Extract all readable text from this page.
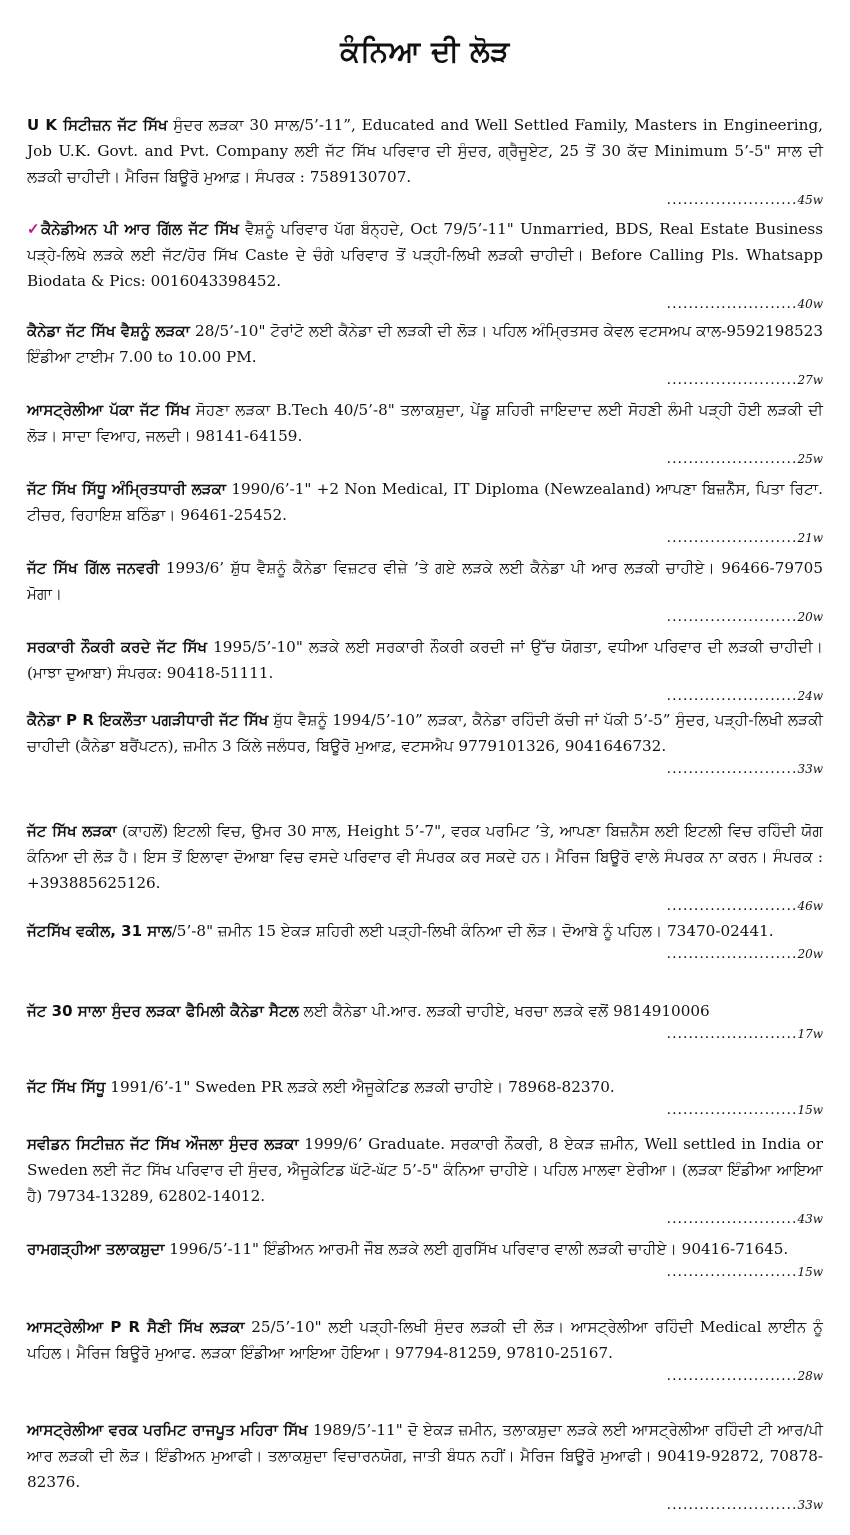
ਕੰਨਿਆ ਦੀ ਲੋੜ
U K ਸਿਟੀਜ਼ਨ ਜੱਟ ਸਿੱਖ ਸੁੰਦਰ ਲੜਕਾ 30 ਸਾਲ/5’-11”, Educated and Well Settled Family, Masters in Engineering, Job U.K. Govt. and Pvt. Company ਲਈ ਜੱਟ ਸਿੱਖ ਪਰਿਵਾਰ ਦੀ ਸੁੰਦਰ, ਗ੍ਰੈਜੂਏਟ, 25 ਤੋਂ 30 ਕੱਦ Minimum 5’-5" ਸਾਲ ਦੀ ਲੜਕੀ ਚਾਹੀਦੀ। ਮੈਰਿਜ ਬਿਊਰੋ ਮੁਆਫ਼। ਸੰਪਰਕ : 7589130707.
........................45w
✓ਕੈਨੇਡੀਅਨ ਪੀ ਆਰ ਗਿੱਲ ਜੱਟ ਸਿੱਖ ਵੈਸ਼ਨੂੰ ਪਰਿਵਾਰ ਪੱਗ ਬੰਨ੍ਹਦੇ, Oct 79/5’-11" Unmarried, BDS, Real Estate Business ਪੜ੍ਹੇ-ਲਿਖੇ ਲੜਕੇ ਲਈ ਜੱਟ/ਹੋਰ ਸਿੱਖ Caste ਦੇ ਚੰਗੇ ਪਰਿਵਾਰ ਤੋਂ ਪੜ੍ਹੀ-ਲਿਖੀ ਲੜਕੀ ਚਾਹੀਦੀ। Before Calling Pls. Whatsapp Biodata & Pics: 0016043398452.
........................40w
ਕੈਨੇਡਾ ਜੱਟ ਸਿੱਖ ਵੈਸ਼ਨੂੰ ਲੜਕਾ 28/5’-10" ਟੋਰਾਂਟੋ ਲਈ ਕੈਨੇਡਾ ਦੀ ਲੜਕੀ ਦੀ ਲੋੜ। ਪਹਿਲ ਅੰਮ੍ਰਿਤਸਰ ਕੇਵਲ ਵਟਸਅਪ ਕਾਲ-9592198523 ਇੰਡੀਆ ਟਾਈਮ 7.00 to 10.00 PM.
........................27w
ਆਸਟ੍ਰੇਲੀਆ ਪੱਕਾ ਜੱਟ ਸਿੱਖ ਸੋਹਣਾ ਲੜਕਾ B.Tech 40/5’-8" ਤਲਾਕਸ਼ੁਦਾ, ਪੇਂਡੂ ਸ਼ਹਿਰੀ ਜਾਇਦਾਦ ਲਈ ਸੋਹਣੀ ਲੰਮੀ ਪੜ੍ਹੀ ਹੋਈ ਲੜਕੀ ਦੀ ਲੋੜ। ਸਾਦਾ ਵਿਆਹ, ਜਲਦੀ। 98141-64159.
........................25w
ਜੱਟ ਸਿੱਖ ਸਿੱਧੂ ਅੰਮ੍ਰਿਤਧਾਰੀ ਲੜਕਾ 1990/6’-1" +2 Non Medical, IT Diploma (Newzealand) ਆਪਣਾ ਬਿਜ਼ਨੈੱਸ, ਪਿਤਾ ਰਿਟਾ. ਟੀਚਰ, ਰਿਹਾਇਸ਼ ਬਠਿੰਡਾ। 96461-25452.
........................21w
ਜੱਟ ਸਿੱਖ ਗਿੱਲ ਜਨਵਰੀ 1993/6’ ਸ਼ੁੱਧ ਵੈਸ਼ਨੂੰ ਕੈਨੇਡਾ ਵਿਜ਼ਟਰ ਵੀਜ਼ੇ ’ਤੇ ਗਏ ਲੜਕੇ ਲਈ ਕੈਨੇਡਾ ਪੀ ਆਰ ਲੜਕੀ ਚਾਹੀਏ। 96466-79705 ਮੋਗਾ।
........................20w
ਸਰਕਾਰੀ ਨੌਕਰੀ ਕਰਦੇ ਜੱਟ ਸਿੱਖ 1995/5’-10" ਲੜਕੇ ਲਈ ਸਰਕਾਰੀ ਨੌਕਰੀ ਕਰਦੀ ਜਾਂ ਉੱਚ ਯੋਗਤਾ, ਵਧੀਆ ਪਰਿਵਾਰ ਦੀ ਲੜਕੀ ਚਾਹੀਦੀ। (ਮਾਝਾ ਦੁਆਬਾ) ਸੰਪਰਕ: 90418-51111.
........................24w
ਕੈਨੇਡਾ P R ਇਕਲੌਤਾ ਪਗੜੀਧਾਰੀ ਜੱਟ ਸਿੱਖ ਸ਼ੁੱਧ ਵੈਸ਼ਨੂੰ 1994/5’-10” ਲੜਕਾ, ਕੈਨੇਡਾ ਰਹਿੰਦੀ ਕੱਚੀ ਜਾਂ ਪੱਕੀ 5’-5” ਸੁੰਦਰ, ਪੜ੍ਹੀ-ਲਿਖੀ ਲੜਕੀ ਚਾਹੀਦੀ (ਕੈਨੇਡਾ ਬਰੈਂਪਟਨ), ਜ਼ਮੀਨ 3 ਕਿੱਲੇ ਜਲੰਧਰ, ਬਿਊਰੋ ਮੁਆਫ਼, ਵਟਸਐਪ 9779101326, 9041646732.
........................33w
ਜੱਟ ਸਿੱਖ ਲੜਕਾ (ਕਾਹਲੋਂ) ਇਟਲੀ ਵਿਚ, ਉਮਰ 30 ਸਾਲ, Height 5’-7", ਵਰਕ ਪਰਮਿਟ ’ਤੇ, ਆਪਣਾ ਬਿਜ਼ਨੈਸ ਲਈ ਇਟਲੀ ਵਿਚ ਰਹਿੰਦੀ ਯੋਗ ਕੰਨਿਆ ਦੀ ਲੋੜ ਹੈ। ਇਸ ਤੋਂ ਇਲਾਵਾ ਦੋਆਬਾ ਵਿਚ ਵਸਦੇ ਪਰਿਵਾਰ ਵੀ ਸੰਪਰਕ ਕਰ ਸਕਦੇ ਹਨ। ਮੈਰਿਜ ਬਿਊਰੋ ਵਾਲੇ ਸੰਪਰਕ ਨਾ ਕਰਨ। ਸੰਪਰਕ : +393885625126.
........................46w
ਜੱਟਸਿੱਖ ਵਕੀਲ, 31 ਸਾਲ/5’-8" ਜ਼ਮੀਨ 15 ਏਕੜ ਸ਼ਹਿਰੀ ਲਈ ਪੜ੍ਹੀ-ਲਿਖੀ ਕੰਨਿਆ ਦੀ ਲੋੜ। ਦੋਆਬੇ ਨੂੰ ਪਹਿਲ। 73470-02441.
........................20w
ਜੱਟ 30 ਸਾਲਾ ਸੁੰਦਰ ਲੜਕਾ ਫੈਮਿਲੀ ਕੈਨੇਡਾ ਸੈਟਲ ਲਈ ਕੈਨੇਡਾ ਪੀ.ਆਰ. ਲੜਕੀ ਚਾਹੀਏ, ਖਰਚਾ ਲੜਕੇ ਵਲੋਂ 9814910006
........................17w
ਜੱਟ ਸਿੱਖ ਸਿੱਧੂ 1991/6’-1" Sweden PR ਲੜਕੇ ਲਈ ਐਜੂਕੇਟਿਡ ਲੜਕੀ ਚਾਹੀਏ। 78968-82370.
........................15w
ਸਵੀਡਨ ਸਿਟੀਜ਼ਨ ਜੱਟ ਸਿੱਖ ਔਜਲਾ ਸੁੰਦਰ ਲੜਕਾ 1999/6’ Graduate. ਸਰਕਾਰੀ ਨੌਕਰੀ, 8 ਏਕੜ ਜ਼ਮੀਨ, Well settled in India or Sweden ਲਈ ਜੱਟ ਸਿੱਖ ਪਰਿਵਾਰ ਦੀ ਸੁੰਦਰ, ਐਜੂਕੇਟਿਡ ਘੱਟੋ-ਘੱਟ 5’-5" ਕੰਨਿਆ ਚਾਹੀਏ। ਪਹਿਲ ਮਾਲਵਾ ਏਰੀਆ। (ਲੜਕਾ ਇੰਡੀਆ ਆਇਆ ਹੈ) 79734-13289, 62802-14012.
........................43w
ਰਾਮਗੜ੍ਹੀਆ ਤਲਾਕਸ਼ੁਦਾ 1996/5’-11" ਇੰਡੀਅਨ ਆਰਮੀ ਜੌਬ ਲੜਕੇ ਲਈ ਗੁਰਸਿੱਖ ਪਰਿਵਾਰ ਵਾਲੀ ਲੜਕੀ ਚਾਹੀਏ। 90416-71645.
........................15w
ਆਸਟ੍ਰੇਲੀਆ P R ਸੈਣੀ ਸਿੱਖ ਲੜਕਾ 25/5’-10" ਲਈ ਪੜ੍ਹੀ-ਲਿਖੀ ਸੁੰਦਰ ਲੜਕੀ ਦੀ ਲੋੜ। ਆਸਟ੍ਰੇਲੀਆ ਰਹਿੰਦੀ Medical ਲਾਈਨ ਨੂੰ ਪਹਿਲ। ਮੈਰਿਜ ਬਿਊਰੋ ਮੁਆਫ. ਲੜਕਾ ਇੰਡੀਆ ਆਇਆ ਹੋਇਆ। 97794-81259, 97810-25167.
........................28w
ਆਸਟ੍ਰੇਲੀਆ ਵਰਕ ਪਰਮਿਟ ਰਾਜਪੂਤ ਮਹਿਰਾ ਸਿੱਖ 1989/5’-11" ਦੋ ਏਕੜ ਜ਼ਮੀਨ, ਤਲਾਕਸ਼ੁਦਾ ਲੜਕੇ ਲਈ ਆਸਟ੍ਰੇਲੀਆ ਰਹਿੰਦੀ ਟੀ ਆਰ/ਪੀ ਆਰ ਲੜਕੀ ਦੀ ਲੋੜ। ਇੰਡੀਅਨ ਮੁਆਫੀ। ਤਲਾਕਸ਼ੁਦਾ ਵਿਚਾਰਨਯੋਗ, ਜਾਤੀ ਬੰਧਨ ਨਹੀਂ। ਮੈਰਿਜ ਬਿਊਰੋ ਮੁਆਫੀ। 90419-92872, 70878-82376.
........................33w
